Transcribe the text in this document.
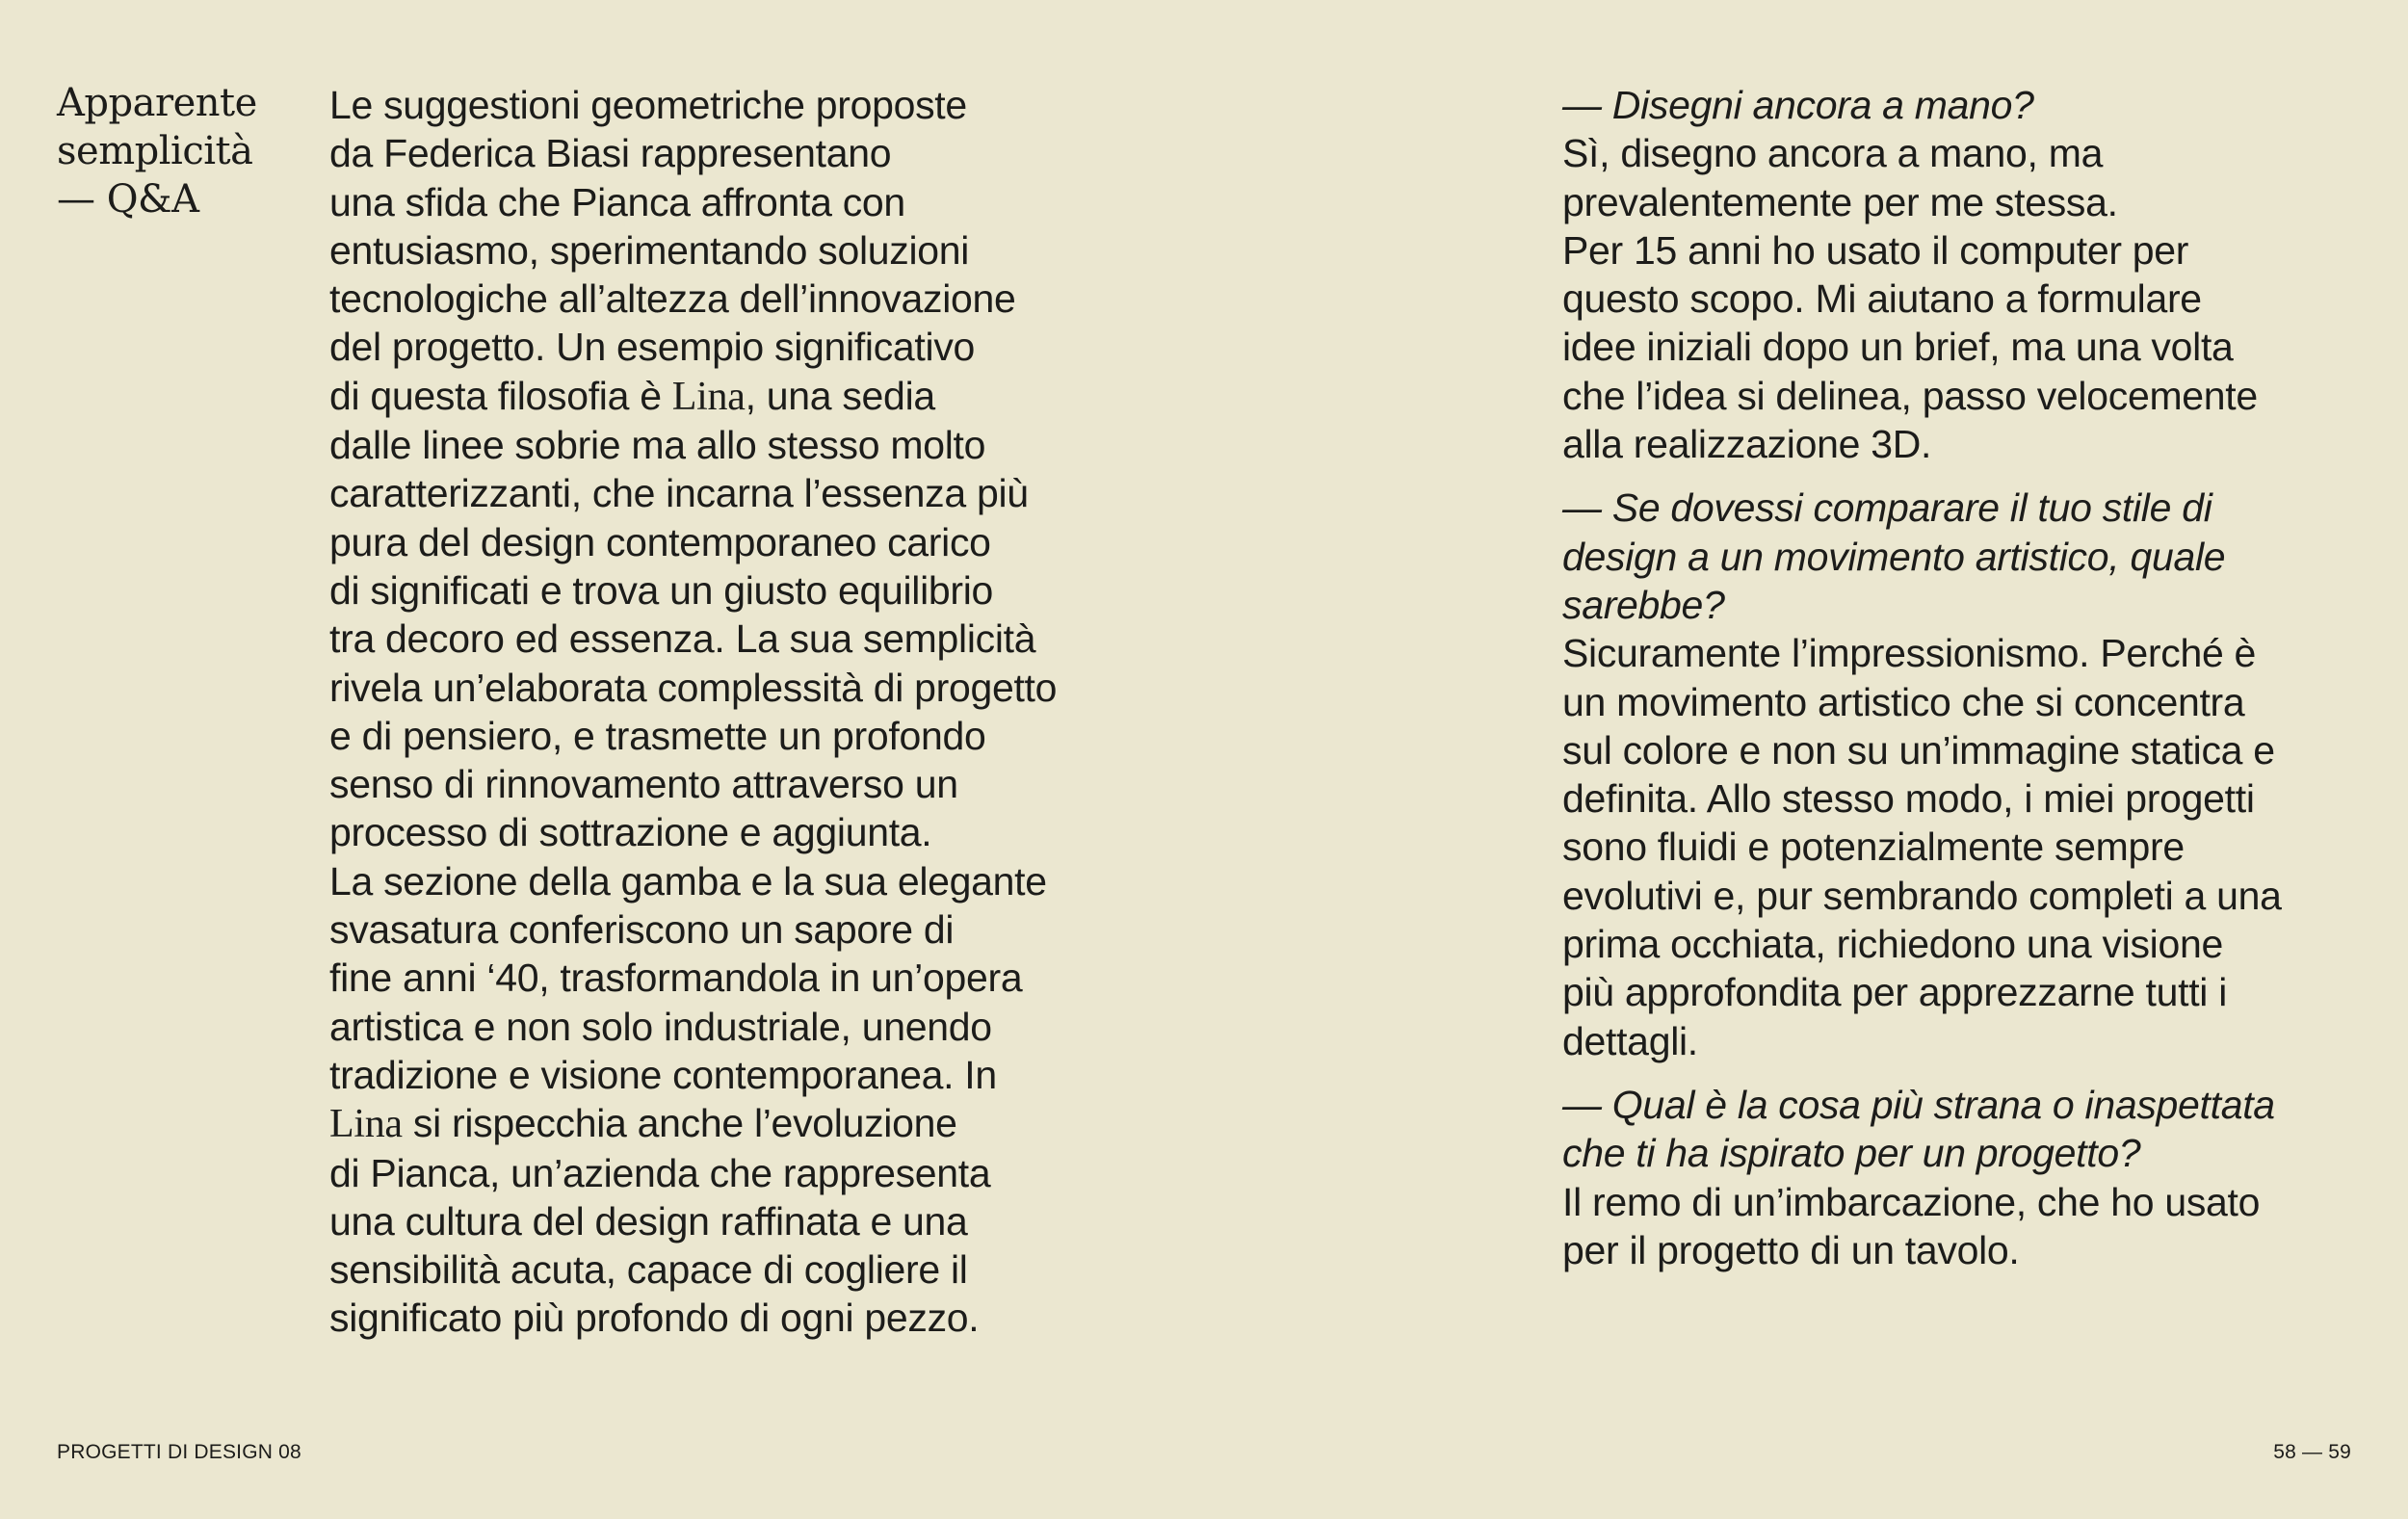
Apparente
semplicità
— Q&A
Le suggestioni geometriche proposte
da Federica Biasi rappresentano
una sfida che Pianca affronta con
entusiasmo, sperimentando soluzioni
tecnologiche all’altezza dell’innovazione
del progetto. Un esempio significativo
di questa filosofia è Lina, una sedia
dalle linee sobrie ma allo stesso molto
caratterizzanti, che incarna l’essenza più
pura del design contemporaneo carico
di significati e trova un giusto equilibrio
tra decoro ed essenza. La sua semplicità
rivela un’elaborata complessità di progetto
e di pensiero, e trasmette un profondo
senso di rinnovamento attraverso un
processo di sottrazione e aggiunta.
La sezione della gamba e la sua elegante
svasatura conferiscono un sapore di
fine anni ‘40, trasformandola in un’opera
artistica e non solo industriale, unendo
tradizione e visione contemporanea. In
Lina si rispecchia anche l’evoluzione
di Pianca, un’azienda che rappresenta
una cultura del design raffinata e una
sensibilità acuta, capace di cogliere il
significato più profondo di ogni pezzo.
— Disegni ancora a mano?
Sì, disegno ancora a mano, ma
prevalentemente per me stessa.
Per 15 anni ho usato il computer per
questo scopo. Mi aiutano a formulare
idee iniziali dopo un brief, ma una volta
che l’idea si delinea, passo velocemente
alla realizzazione 3D.
— Se dovessi comparare il tuo stile di
design a un movimento artistico, quale
sarebbe?
Sicuramente l’impressionismo. Perché è
un movimento artistico che si concentra
sul colore e non su un’immagine statica e
definita. Allo stesso modo, i miei progetti
sono fluidi e potenzialmente sempre
evolutivi e, pur sembrando completi a una
prima occhiata, richiedono una visione
più approfondita per apprezzarne tutti i
dettagli.
— Qual è la cosa più strana o inaspettata
che ti ha ispirato per un progetto?
Il remo di un’imbarcazione, che ho usato
per il progetto di un tavolo.
PROGETTI DI DESIGN 08	58 — 59
